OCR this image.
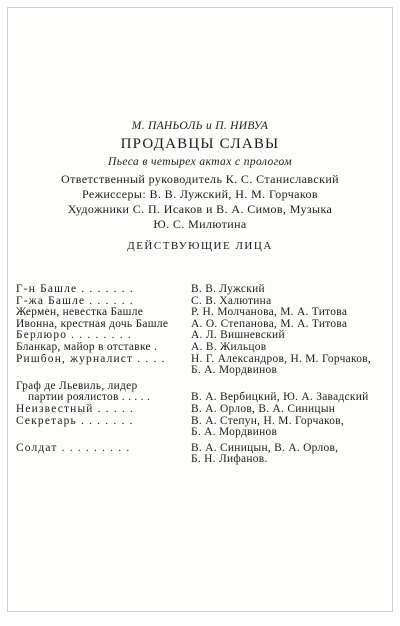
М. ПАНЬОЛЬ и П. НИВУА
ПРОДАВЦЫ СЛАВЫ
Пьеса в четырех актах с прологом
Ответственный руководитель К. С. Станиславский
Режиссеры: В. В. Лужский, Н. М. Горчаков
Художники С. П. Исаков и В. А. Симов, Музыка
Ю. С. Милютина
ДЕЙСТВУЮЩИЕ ЛИЦА
Г-н Башле . . . . . . .	В. В. Лужский
Г-жа Башле . . . . . .	С. В. Халютина
Жермен, невестка Башле	Р. Н. Молчанова, М. А. Титова
Ивонна, крестная дочь Башле	А. О. Степанова, М. А. Титова
Берлюро . . . . . . . .	А. Л. Вишневский
Бланкар, майор в отставке .	А. В. Жильцов
Ришбон, журналист . . . .	Н. Г. Александров, Н. М. Горчаков,
Б. А. Мордвинов
Граф де Льевиль, лидер
партии роялистов . . . . .	В. А. Вербицкий, Ю. А. Завадский
Неизвестный . . . . .	В. А. Орлов, В. А. Синицын
Секретарь . . . . . . .	В. А. Степун, Н. М. Горчаков,
Б. А. Мордвинов
Солдат . . . . . . . . .	В. А. Синицын, В. А. Орлов,
Б. Н. Лифанов.
